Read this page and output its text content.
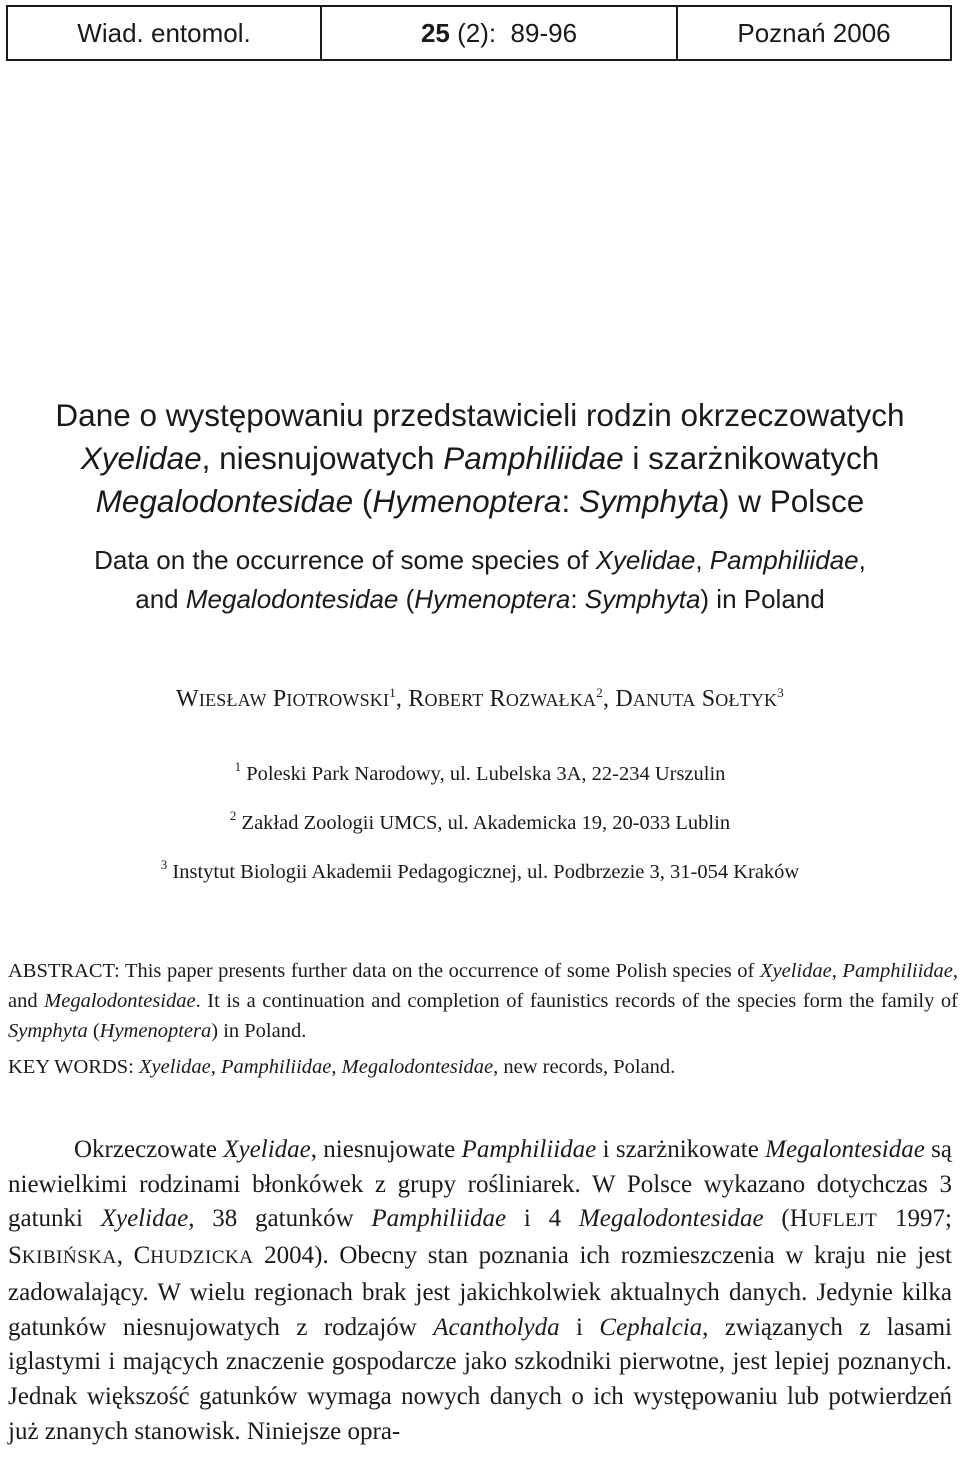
Wiad. entomol.	25 (2):  89-96	Poznań 2006
Dane o występowaniu przedstawicieli rodzin okrzeczowatych
Xyelidae, niesnujowatych Pamphiliidae i szarżnikowatych
Megalodontesidae (Hymenoptera: Symphyta) w Polsce
Data on the occurrence of some species of Xyelidae, Pamphiliidae,
and Megalodontesidae (Hymenoptera: Symphyta) in Poland
WIESŁAW PIOTROWSKI$^1$, ROBERT ROZWAŁKA$^2$, DANUTA SOŁTYK$^3$
$^1$ Poleski Park Narodowy, ul. Lubelska 3A, 22-234 Urszulin
$^2$ Zakład Zoologii UMCS, ul. Akademicka 19, 20-033 Lublin
$^3$ Instytut Biologii Akademii Pedagogicznej, ul. Podbrzezie 3, 31-054 Kraków

ABSTRACT: This paper presents further data on the occurrence of some Polish species of Xyelidae, Pamphiliidae, and Megalodontesidae. It is a continuation and completion of faunistics records of the species form the family of Symphyta (Hymenoptera) in Poland.

KEY WORDS: Xyelidae, Pamphiliidae, Megalodontesidae, new records, Poland.

Okrzeczowate Xyelidae, niesnujowate Pamphiliidae i szarżnikowate Megalontesidae są niewielkimi rodzinami błonkówek z grupy rośliniarek. W Polsce wykazano dotychczas 3 gatunki Xyelidae, 38 gatunków Pamphiliidae i 4 Megalodontesidae (HUFLEJT 1997; SKIBIŃSKA, CHUDZICKA 2004). Obecny stan poznania ich rozmieszczenia w kraju nie jest zadowalający. W wielu regionach brak jest jakichkolwiek aktualnych danych. Jedynie kilka gatunków niesnujowatych z rodzajów Acantholyda i Cephalcia, związanych z lasami iglastymi i mających znaczenie gospodarcze jako szkodniki pierwotne, jest lepiej poznanych. Jednak większość gatunków wymaga nowych danych o ich występowaniu lub potwierdzeń już znanych stanowisk. Niniejsze opra-
